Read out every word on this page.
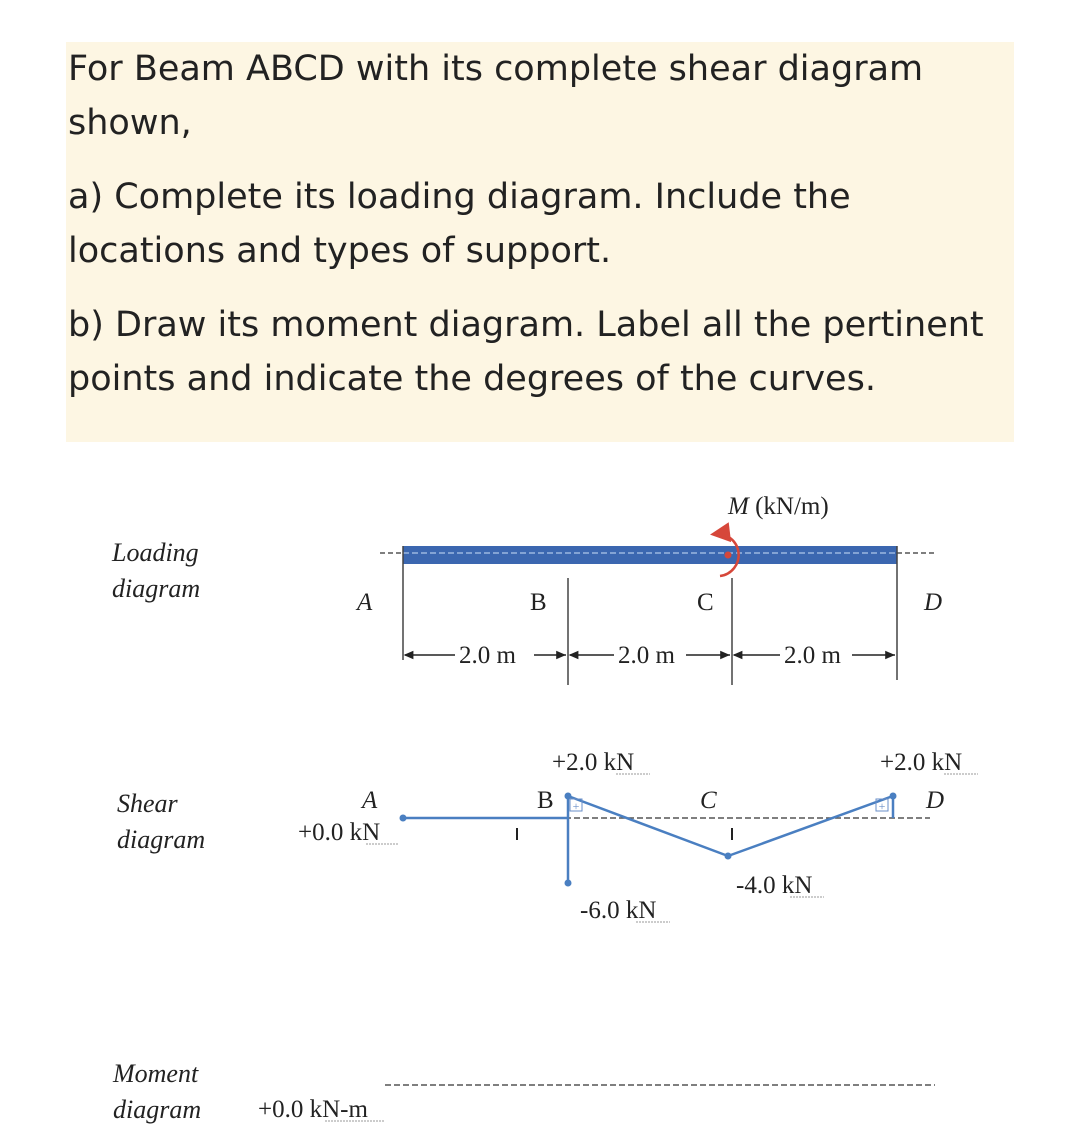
For Beam ABCD with its complete shear diagram
shown,

a) Complete its loading diagram. Include the
locations and types of support.

b) Draw its moment diagram. Label all the pertinent
points and indicate the degrees of the curves.

Loading
diagram
M (kN/m)
A	B	C	D
2.0 m	2.0 m	2.0 m
Shear
diagram
+	+
A
+0.0 kN
+2.0 kN
B
-6.0 kN
C
-4.0 kN
+2.0 kN
D
Moment
diagram +0.0 kN-m
